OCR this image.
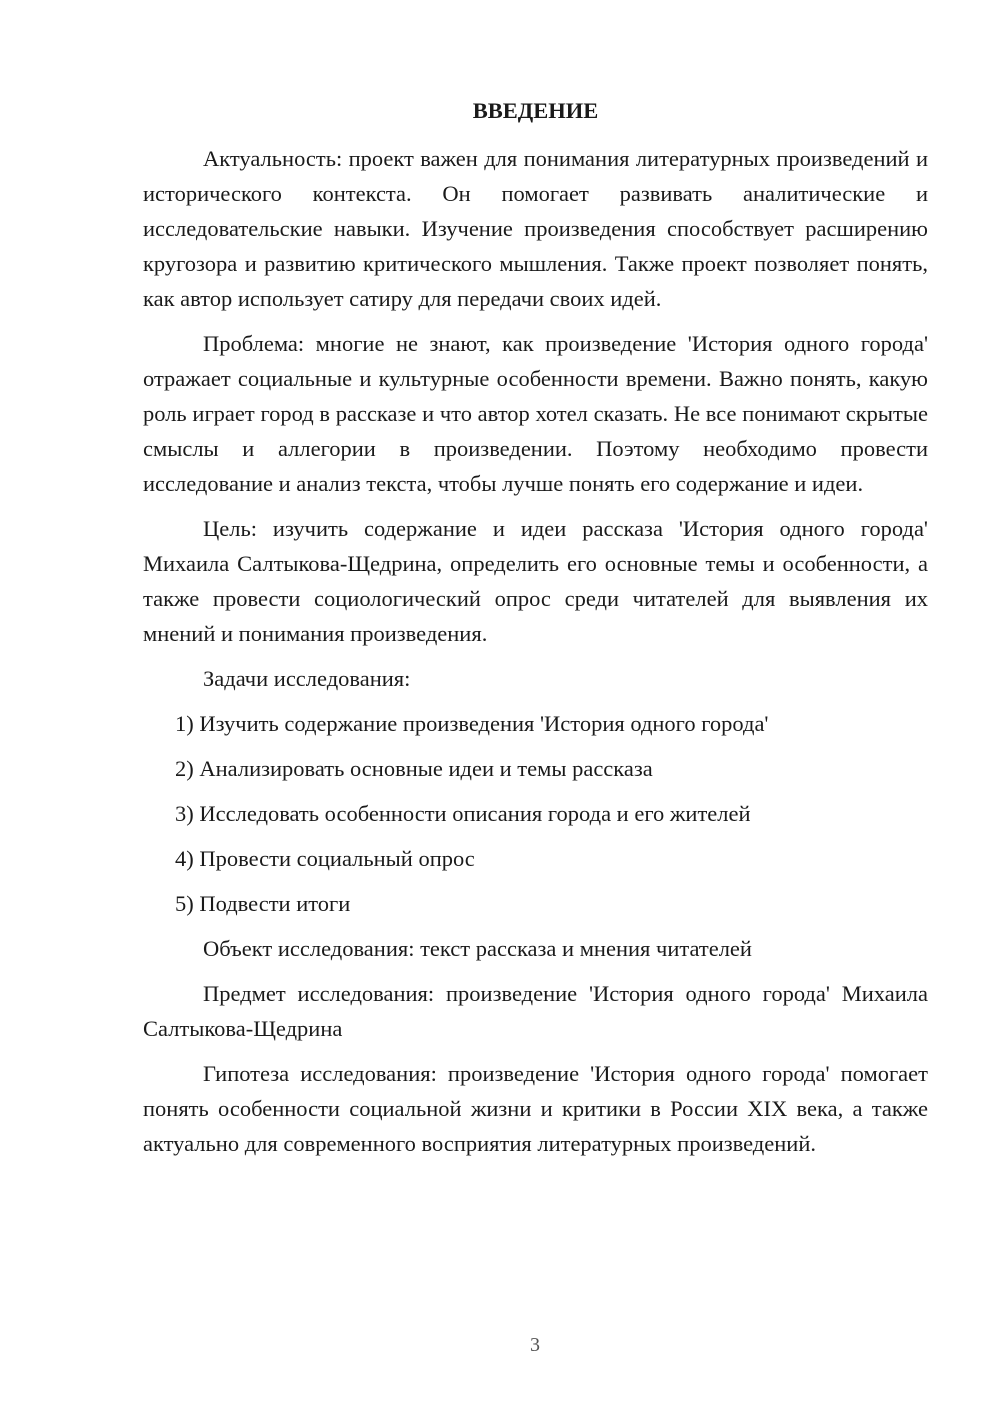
ВВЕДЕНИЕ

Актуальность: проект важен для понимания литературных произведений и исторического контекста. Он помогает развивать аналитические и исследовательские навыки. Изучение произведения способствует расширению кругозора и развитию критического мышления. Также проект позволяет понять, как автор использует сатиру для передачи своих идей.

Проблема: многие не знают, как произведение 'История одного города' отражает социальные и культурные особенности времени. Важно понять, какую роль играет город в рассказе и что автор хотел сказать. Не все понимают скрытые смыслы и аллегории в произведении. Поэтому необходимо провести исследование и анализ текста, чтобы лучше понять его содержание и идеи.

Цель: изучить содержание и идеи рассказа 'История одного города' Михаила Салтыкова-Щедрина, определить его основные темы и особенности, а также провести социологический опрос среди читателей для выявления их мнений и понимания произведения.

Задачи исследования:

1) Изучить содержание произведения 'История одного города'
2) Анализировать основные идеи и темы рассказа
3) Исследовать особенности описания города и его жителей
4) Провести социальный опрос
5) Подвести итоги

Объект исследования: текст рассказа и мнения читателей

Предмет исследования: произведение 'История одного города' Михаила Салтыкова-Щедрина

Гипотеза исследования: произведение 'История одного города' помогает понять особенности социальной жизни и критики в России XIX века, а также актуально для современного восприятия литературных произведений.

3
